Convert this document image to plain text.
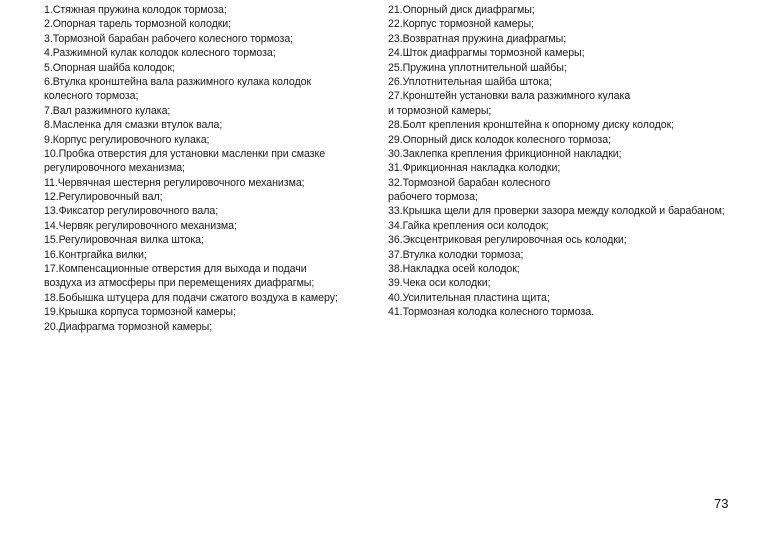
1.Стяжная пружина колодок тормоза;
2.Опорная тарель тормозной колодки;
3.Тормозной барабан рабочего колесного тормоза;
4.Разжимной кулак колодок колесного тормоза;
5.Опорная шайба колодок;
6.Втулка кронштейна вала разжимного кулака колодок
колесного тормоза;
7.Вал разжимного кулака;
8.Масленка для смазки втулок вала;
9.Корпус регулировочного кулака;
10.Пробка отверстия для установки масленки при смазке
регулировочного механизма;
11.Червячная шестерня регулировочного механизма;
12.Регулировочный вал;
13.Фиксатор регулировочного вала;
14.Червяк регулировочного механизма;
15.Регулировочная вилка штока;
16.Контргайка вилки;
17.Компенсационные отверстия для выхода и подачи
воздуха из атмосферы при перемещениях диафрагмы;
18.Бобышка штуцера для подачи сжатого воздуха в камеру;
19.Крышка корпуса тормозной камеры;
20.Диафрагма тормозной камеры;
21.Опорный диск диафрагмы;
22.Корпус тормозной камеры;
23.Возвратная пружина диафрагмы;
24.Шток диафрагмы тормозной камеры;
25.Пружина уплотнительной шайбы;
26.Уплотнительная шайба штока;
27.Кронштейн установки вала разжимного кулака
и тормозной камеры;
28.Болт крепления кронштейна к опорному диску колодок;
29.Опорный диск колодок колесного тормоза;
30.Заклепка крепления фрикционной накладки;
31.Фрикционная накладка колодки;
32.Тормозной барабан колесного
рабочего тормоза;
33.Крышка щели для проверки зазора между колодкой и барабаном;
34.Гайка крепления оси колодок;
36.Эксцентриковая регулировочная ось колодки;
37.Втулка колодки тормоза;
38.Накладка осей колодок;
39.Чека оси колодки;
40.Усилительная пластина щита;
41.Тормозная колодка колесного тормоза.
73
